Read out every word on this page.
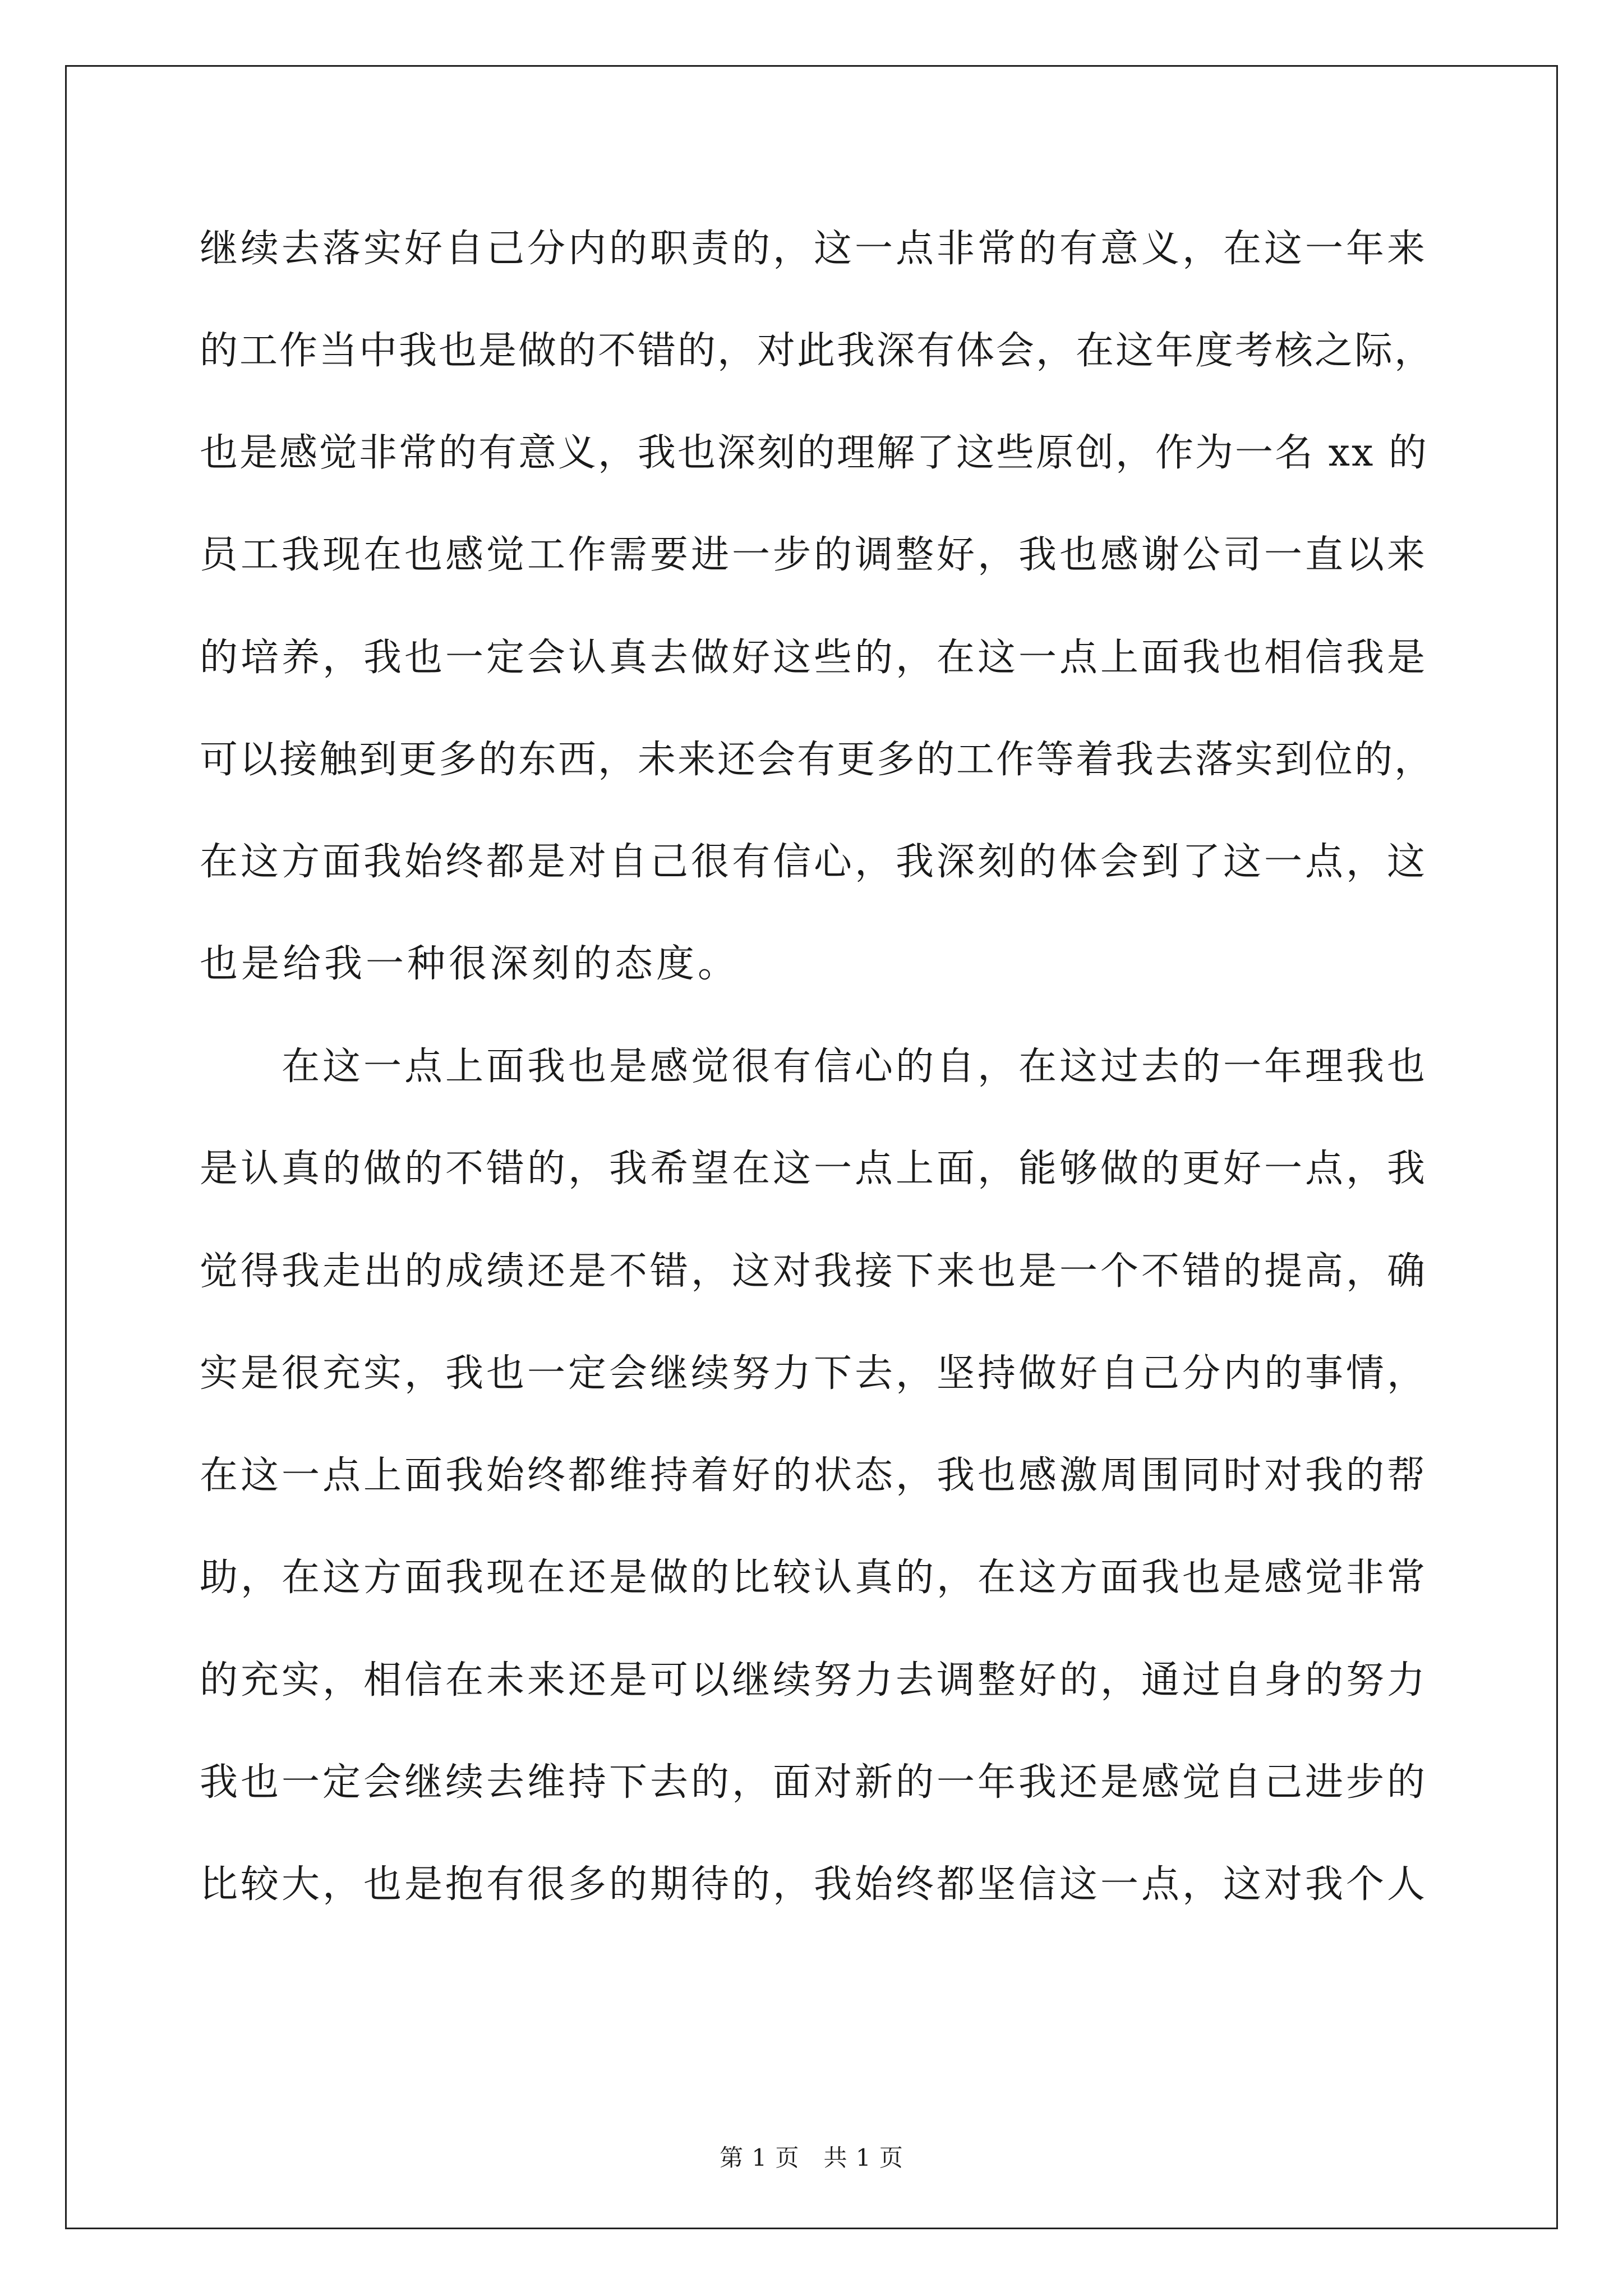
继续去落实好自己分内的职责的，这一点非常的有意义，在这一年来
的工作当中我也是做的不错的，对此我深有体会，在这年度考核之际，
也是感觉非常的有意义，我也深刻的理解了这些原创，作为一名 xx 的
员工我现在也感觉工作需要进一步的调整好，我也感谢公司一直以来
的培养，我也一定会认真去做好这些的，在这一点上面我也相信我是
可以接触到更多的东西，未来还会有更多的工作等着我去落实到位的，
在这方面我始终都是对自己很有信心，我深刻的体会到了这一点，这
也是给我一种很深刻的态度。
在这一点上面我也是感觉很有信心的自，在这过去的一年理我也
是认真的做的不错的，我希望在这一点上面，能够做的更好一点，我
觉得我走出的成绩还是不错，这对我接下来也是一个不错的提高，确
实是很充实，我也一定会继续努力下去，坚持做好自己分内的事情，
在这一点上面我始终都维持着好的状态，我也感激周围同时对我的帮
助，在这方面我现在还是做的比较认真的，在这方面我也是感觉非常
的充实，相信在未来还是可以继续努力去调整好的，通过自身的努力
我也一定会继续去维持下去的，面对新的一年我还是感觉自己进步的
比较大，也是抱有很多的期待的，我始终都坚信这一点，这对我个人
第 1 页　共 1 页
